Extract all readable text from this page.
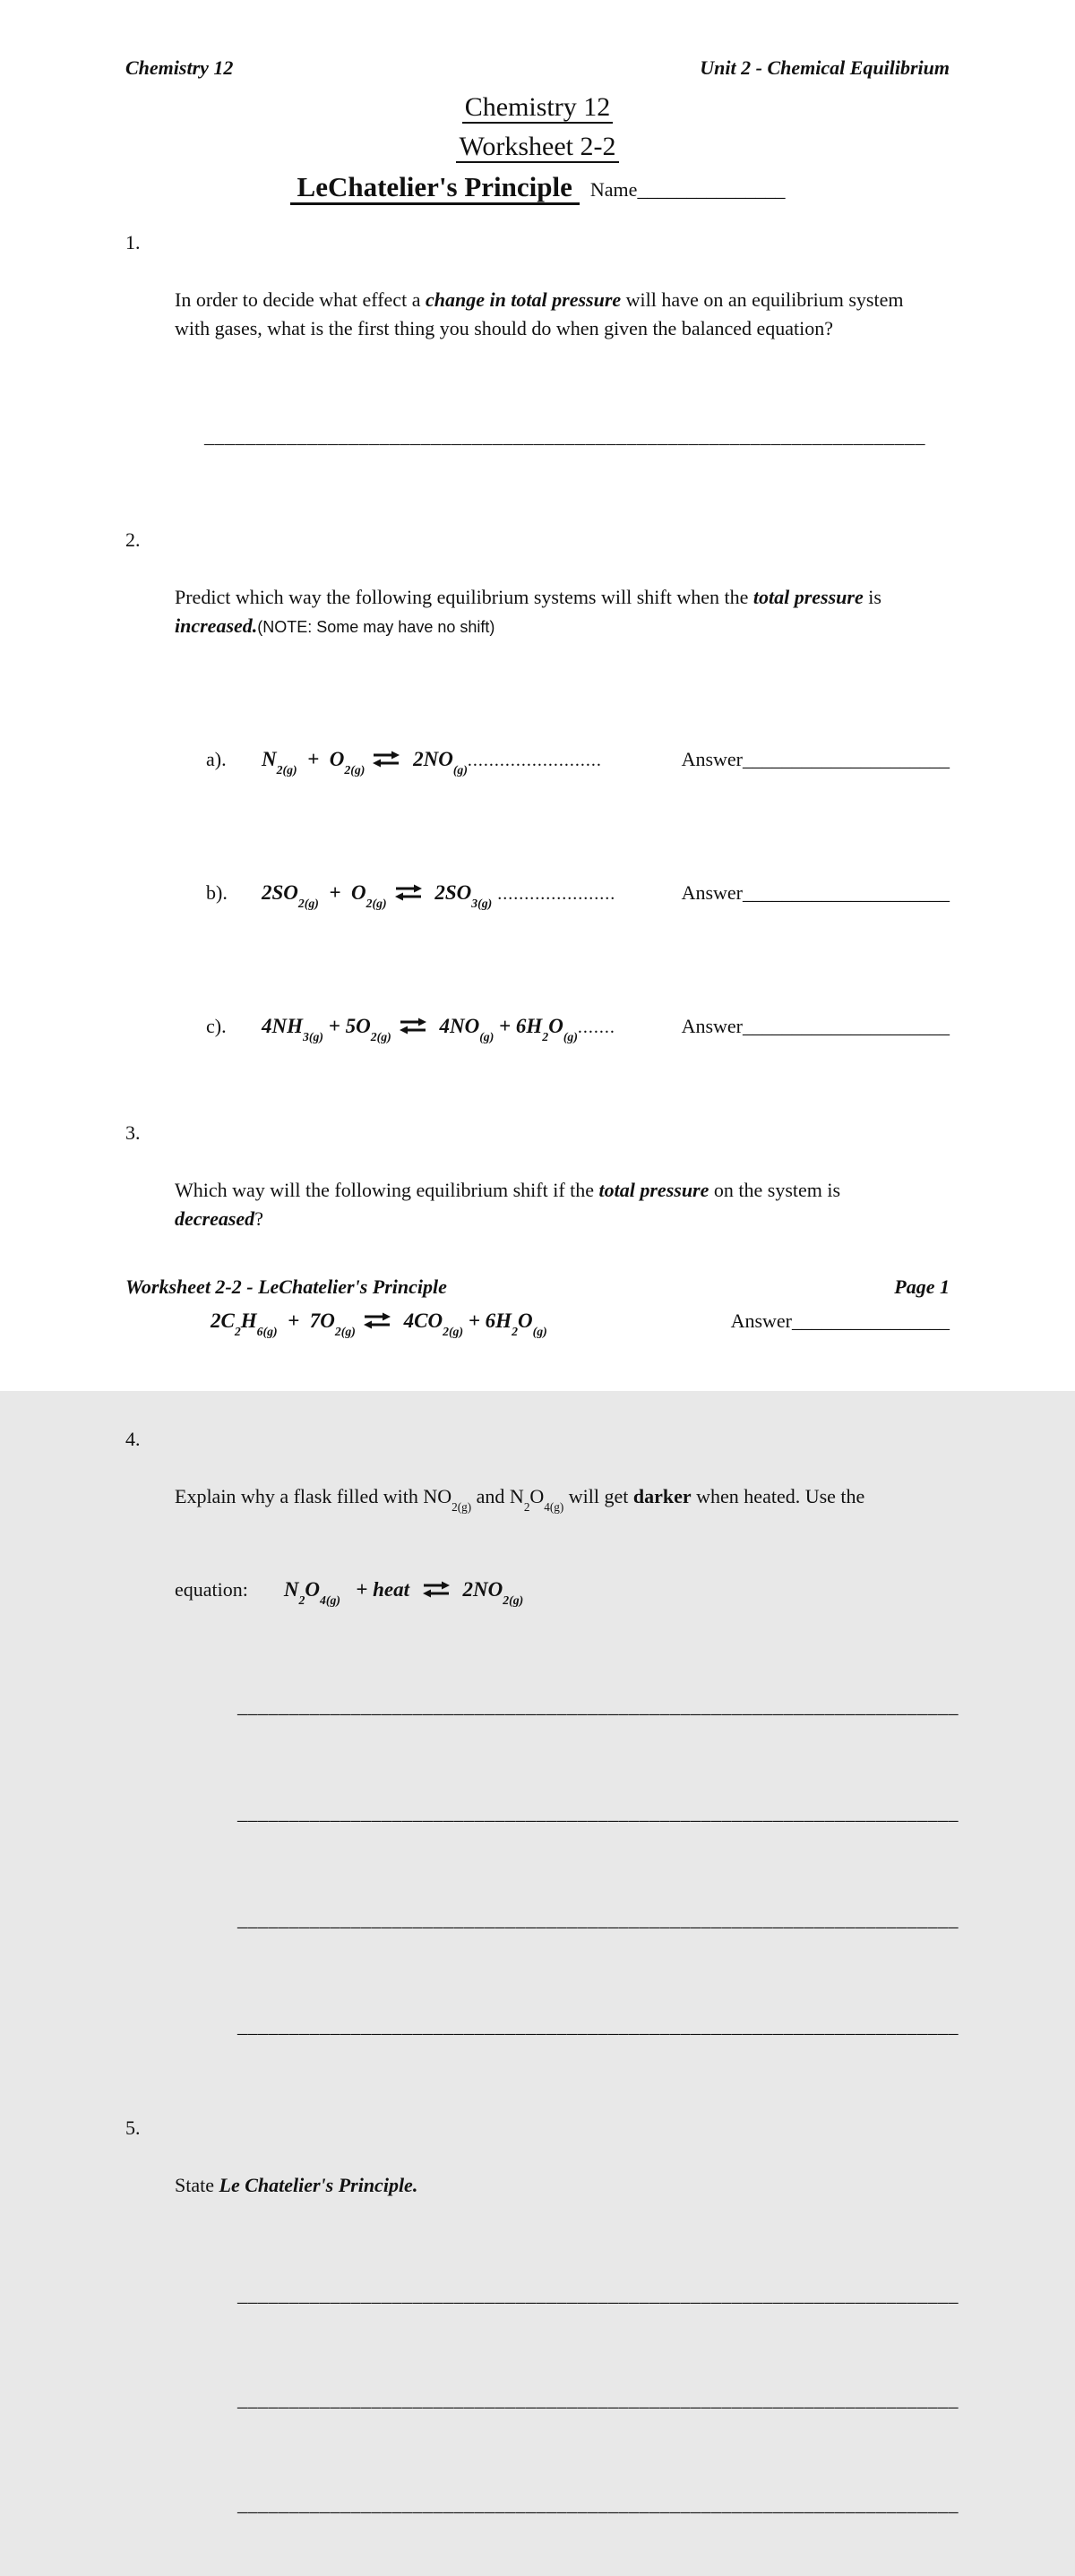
Chemistry 12	Unit 2 - Chemical Equilibrium
Chemistry 12
Worksheet 2-2
LeChatelier's Principle Name_______________
1.

In order to decide what effect a change in total pressure will have on an equilibrium system
with gases, what is the first thing you should do when given the balanced equation?

______________________________________________________________________

2.

Predict which way the following equilibrium systems will shift when the total pressure is
increased.(NOTE: Some may have no shift)

a).	$N_{2(g)} + O_{2(g)}$ ⇌ $2NO_{(g)}$.........................	Answer_____________________

b).	$2SO_{2(g)} + O_{2(g)}$ ⇌ $2SO_{3(g)}$ ......................	Answer_____________________

c).	$4NH_{3(g)} + 5O_{2(g)}$ ⇌ $4NO_{(g)} + 6H_2O_{(g)}$.......	Answer_____________________

3.

Which way will the following equilibrium shift if the total pressure on the system is
decreased?

$2C_2H_{6(g)} + 7O_{2(g)}$ ⇌ $4CO_{2(g)} + 6H_2O_{(g)}$	Answer________________

4.

Explain why a flask filled with $NO_{2(g)}$ and $N_2O_{4(g)}$ will get darker when heated. Use the

equation: $N_2O_{4(g)}$   + heat ⇌ $2NO_{2(g)}$

______________________________________________________________________

______________________________________________________________________

______________________________________________________________________

______________________________________________________________________

5.

State Le Chatelier's Principle.

______________________________________________________________________

______________________________________________________________________

______________________________________________________________________

Worksheet 2-2 - LeChatelier's Principle	Page 1
